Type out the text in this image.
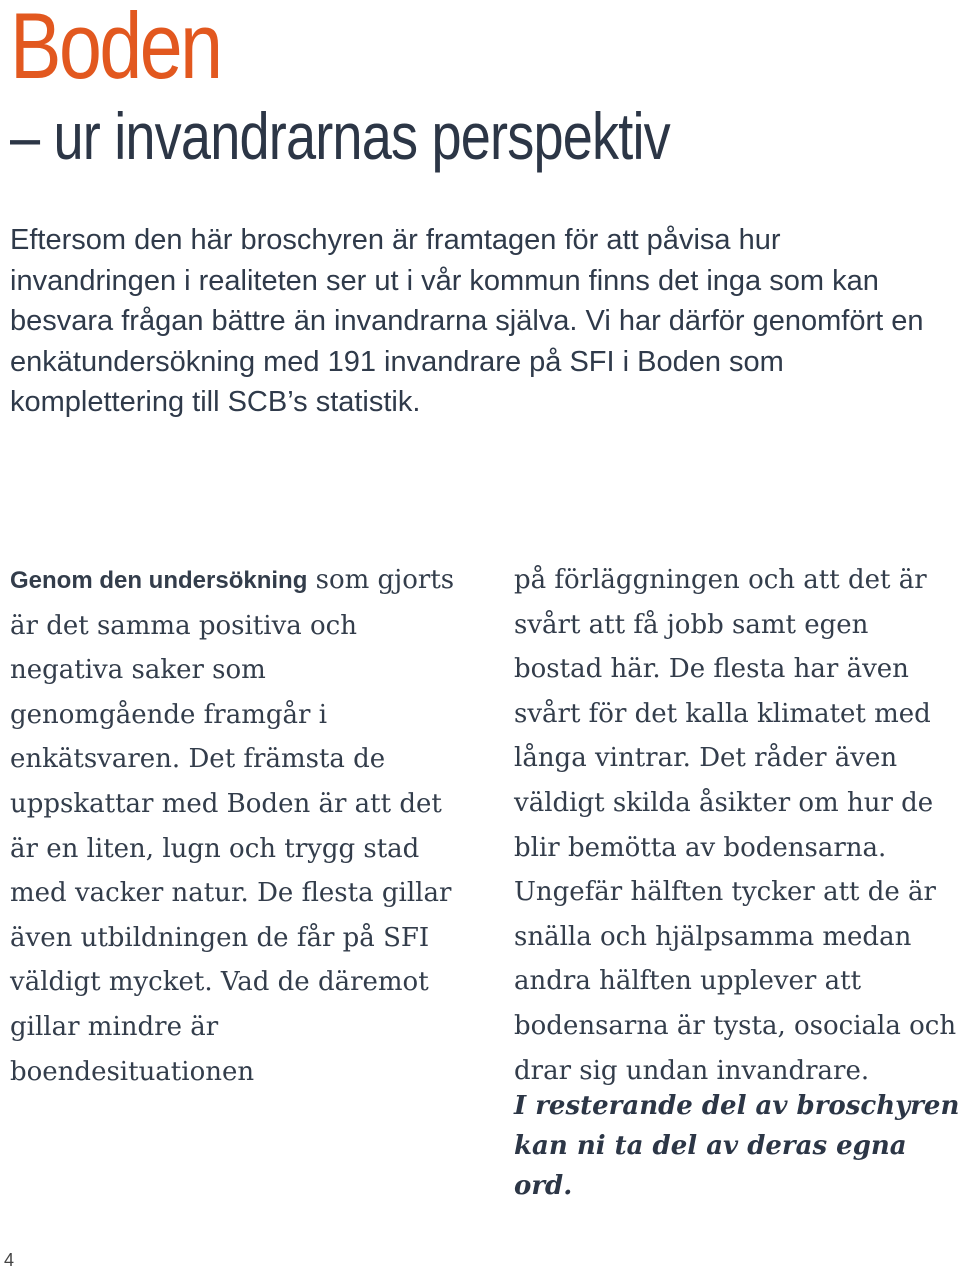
Boden
– ur invandrarnas perspektiv

Eftersom den här broschyren är framtagen för att påvisa hur invandringen i realiteten ser ut i vår kommun finns det inga som kan besvara frågan bättre än invandrarna själva. Vi har därför genomfört en enkätundersökning med 191 invandrare på SFI i Boden som komplettering till SCB’s statistik.

Genom den undersökning som gjorts är det samma positiva och negativa saker som genomgående framgår i enkätsvaren. Det främsta de uppskattar med Boden är att det är en liten, lugn och trygg stad med vacker natur. De flesta gillar även utbildningen de får på SFI väldigt mycket. Vad de däremot gillar mindre är boendesituationen

på förläggningen och att det är svårt att få jobb samt egen bostad här. De flesta har även svårt för det kalla klimatet med långa vintrar. Det råder även väldigt skilda åsikter om hur de blir bemötta av bodensarna. Ungefär hälften tycker att de är snälla och hjälpsamma medan andra hälften upplever att bodensarna är tysta, osociala och drar sig undan invandrare.

I resterande del av broschyren kan ni ta del av deras egna ord.

4
